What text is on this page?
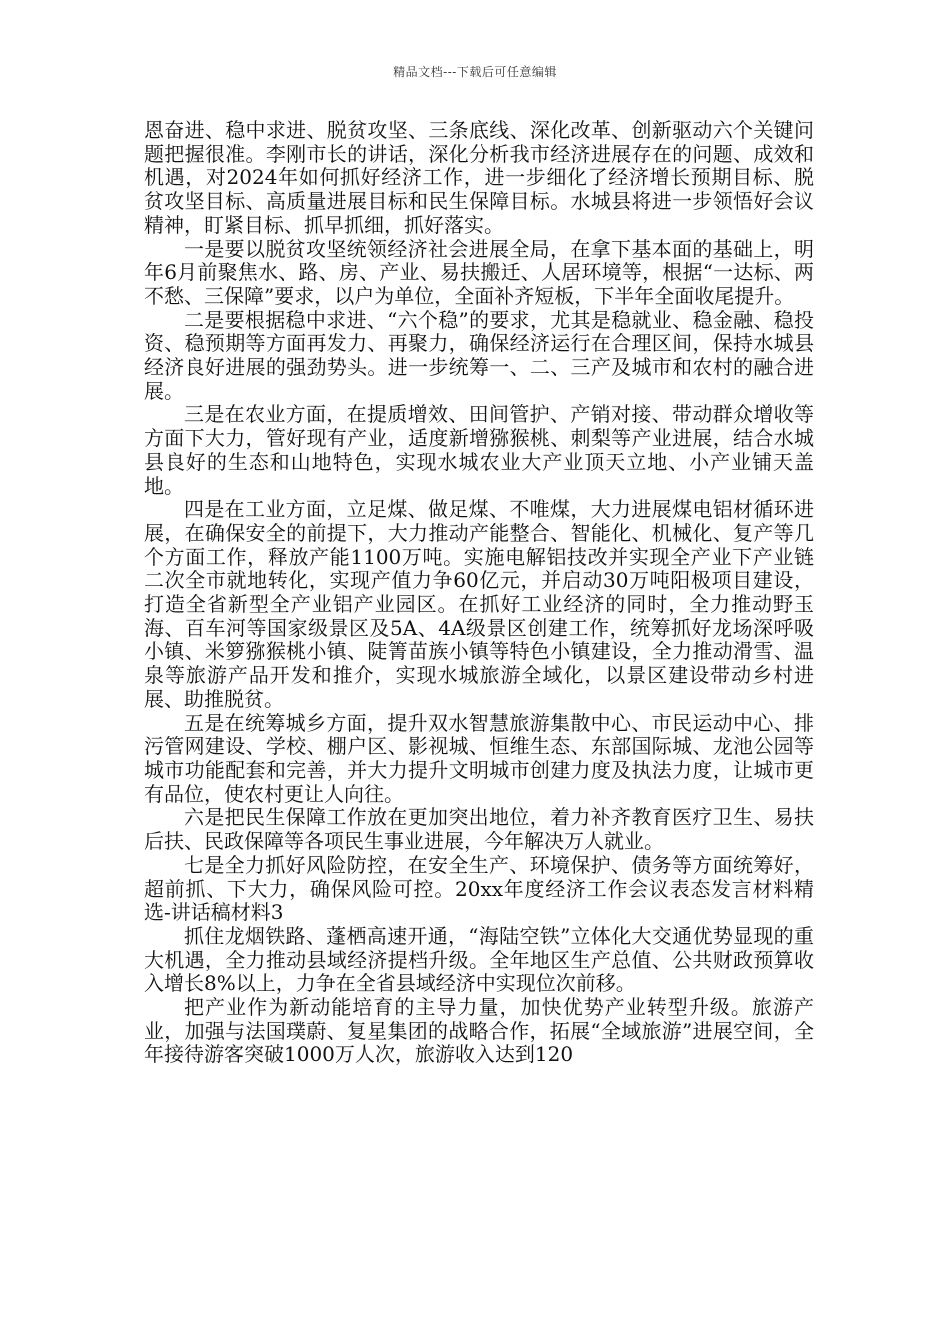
精品文档---下载后可任意编辑

恩奋进、稳中求进、脱贫攻坚、三条底线、深化改革、创新驱动六个关键问题把握很准。李刚市长的讲话，深化分析我市经济进展存在的问题、成效和机遇，对2024年如何抓好经济工作，进一步细化了经济增长预期目标、脱贫攻坚目标、高质量进展目标和民生保障目标。水城县将进一步领悟好会议精神，盯紧目标、抓早抓细，抓好落实。

一是要以脱贫攻坚统领经济社会进展全局，在拿下基本面的基础上，明年6月前聚焦水、路、房、产业、易扶搬迁、人居环境等，根据“一达标、两不愁、三保障”要求，以户为单位，全面补齐短板，下半年全面收尾提升。

二是要根据稳中求进、“六个稳”的要求，尤其是稳就业、稳金融、稳投资、稳预期等方面再发力、再聚力，确保经济运行在合理区间，保持水城县经济良好进展的强劲势头。进一步统筹一、二、三产及城市和农村的融合进展。

三是在农业方面，在提质增效、田间管护、产销对接、带动群众增收等方面下大力，管好现有产业，适度新增猕猴桃、刺梨等产业进展，结合水城县良好的生态和山地特色，实现水城农业大产业顶天立地、小产业铺天盖地。

四是在工业方面，立足煤、做足煤、不唯煤，大力进展煤电铝材循环进展，在确保安全的前提下，大力推动产能整合、智能化、机械化、复产等几个方面工作，释放产能1100万吨。实施电解铝技改并实现全产业下产业链二次全市就地转化，实现产值力争60亿元，并启动30万吨阳极项目建设，打造全省新型全产业铝产业园区。在抓好工业经济的同时，全力推动野玉海、百车河等国家级景区及5A、4A级景区创建工作，统筹抓好龙场深呼吸小镇、米箩猕猴桃小镇、陡箐苗族小镇等特色小镇建设，全力推动滑雪、温泉等旅游产品开发和推介，实现水城旅游全域化，以景区建设带动乡村进展、助推脱贫。

五是在统筹城乡方面，提升双水智慧旅游集散中心、市民运动中心、排污管网建设、学校、棚户区、影视城、恒维生态、东部国际城、龙池公园等城市功能配套和完善，并大力提升文明城市创建力度及执法力度，让城市更有品位，使农村更让人向往。

六是把民生保障工作放在更加突出地位，着力补齐教育医疗卫生、易扶后扶、民政保障等各项民生事业进展，今年解决万人就业。

七是全力抓好风险防控，在安全生产、环境保护、债务等方面统筹好，超前抓、下大力，确保风险可控。20xx年度经济工作会议表态发言材料精选-讲话稿材料3

抓住龙烟铁路、蓬栖高速开通，“海陆空铁”立体化大交通优势显现的重大机遇，全力推动县域经济提档升级。全年地区生产总值、公共财政预算收入增长8%以上，力争在全省县域经济中实现位次前移。

把产业作为新动能培育的主导力量，加快优势产业转型升级。旅游产业，加强与法国璞蔚、复星集团的战略合作，拓展“全域旅游”进展空间，全年接待游客突破1000万人次，旅游收入达到120
